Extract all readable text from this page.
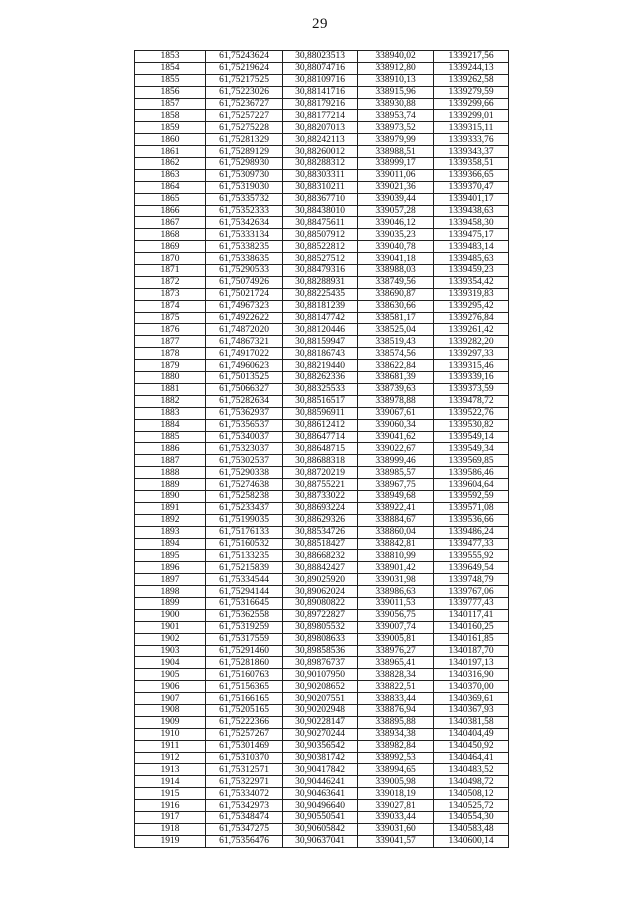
29
1853	61,75243624	30,88023513	338940,02	1339217,56
1854	61,75219624	30,88074716	338912,80	1339244,13
1855	61,75217525	30,88109716	338910,13	1339262,58
1856	61,75223026	30,88141716	338915,96	1339279,59
1857	61,75236727	30,88179216	338930,88	1339299,66
1858	61,75257227	30,88177214	338953,74	1339299,01
1859	61,75275228	30,88207013	338973,52	1339315,11
1860	61,75281329	30,88242113	338979,99	1339333,76
1861	61,75289129	30,88260012	338988,51	1339343,37
1862	61,75298930	30,88288312	338999,17	1339358,51
1863	61,75309730	30,88303311	339011,06	1339366,65
1864	61,75319030	30,88310211	339021,36	1339370,47
1865	61,75335732	30,88367710	339039,44	1339401,17
1866	61,75352333	30,88438010	339057,28	1339438,63
1867	61,75342634	30,88475611	339046,12	1339458,30
1868	61,75333134	30,88507912	339035,23	1339475,17
1869	61,75338235	30,88522812	339040,78	1339483,14
1870	61,75338635	30,88527512	339041,18	1339485,63
1871	61,75290533	30,88479316	338988,03	1339459,23
1872	61,75074926	30,88288931	338749,56	1339354,42
1873	61,75021724	30,88225435	338690,87	1339319,83
1874	61,74967323	30,88181239	338630,66	1339295,42
1875	61,74922622	30,88147742	338581,17	1339276,84
1876	61,74872020	30,88120446	338525,04	1339261,42
1877	61,74867321	30,88159947	338519,43	1339282,20
1878	61,74917022	30,88186743	338574,56	1339297,33
1879	61,74960623	30,88219440	338622,84	1339315,46
1880	61,75013525	30,88262336	338681,39	1339339,16
1881	61,75066327	30,88325533	338739,63	1339373,59
1882	61,75282634	30,88516517	338978,88	1339478,72
1883	61,75362937	30,88596911	339067,61	1339522,76
1884	61,75356537	30,88612412	339060,34	1339530,82
1885	61,75340037	30,88647714	339041,62	1339549,14
1886	61,75323037	30,88648715	339022,67	1339549,34
1887	61,75302537	30,88688318	338999,46	1339569,85
1888	61,75290338	30,88720219	338985,57	1339586,46
1889	61,75274638	30,88755221	338967,75	1339604,64
1890	61,75258238	30,88733022	338949,68	1339592,59
1891	61,75233437	30,88693224	338922,41	1339571,08
1892	61,75199035	30,88629326	338884,67	1339536,66
1893	61,75176133	30,88534726	338860,04	1339486,24
1894	61,75160532	30,88518427	338842,81	1339477,33
1895	61,75133235	30,88668232	338810,99	1339555,92
1896	61,75215839	30,88842427	338901,42	1339649,54
1897	61,75334544	30,89025920	339031,98	1339748,79
1898	61,75294144	30,89062024	338986,63	1339767,06
1899	61,75316645	30,89080822	339011,53	1339777,43
1900	61,75362558	30,89722827	339056,75	1340117,41
1901	61,75319259	30,89805532	339007,74	1340160,25
1902	61,75317559	30,89808633	339005,81	1340161,85
1903	61,75291460	30,89858536	338976,27	1340187,70
1904	61,75281860	30,89876737	338965,41	1340197,13
1905	61,75160763	30,90107950	338828,34	1340316,90
1906	61,75156365	30,90208652	338822,51	1340370,00
1907	61,75166165	30,90207551	338833,44	1340369,61
1908	61,75205165	30,90202948	338876,94	1340367,93
1909	61,75222366	30,90228147	338895,88	1340381,58
1910	61,75257267	30,90270244	338934,38	1340404,49
1911	61,75301469	30,90356542	338982,84	1340450,92
1912	61,75310370	30,90381742	338992,53	1340464,41
1913	61,75312571	30,90417842	338994,65	1340483,52
1914	61,75322971	30,90446241	339005,98	1340498,72
1915	61,75334072	30,90463641	339018,19	1340508,12
1916	61,75342973	30,90496640	339027,81	1340525,72
1917	61,75348474	30,90550541	339033,44	1340554,30
1918	61,75347275	30,90605842	339031,60	1340583,48
1919	61,75356476	30,90637041	339041,57	1340600,14
